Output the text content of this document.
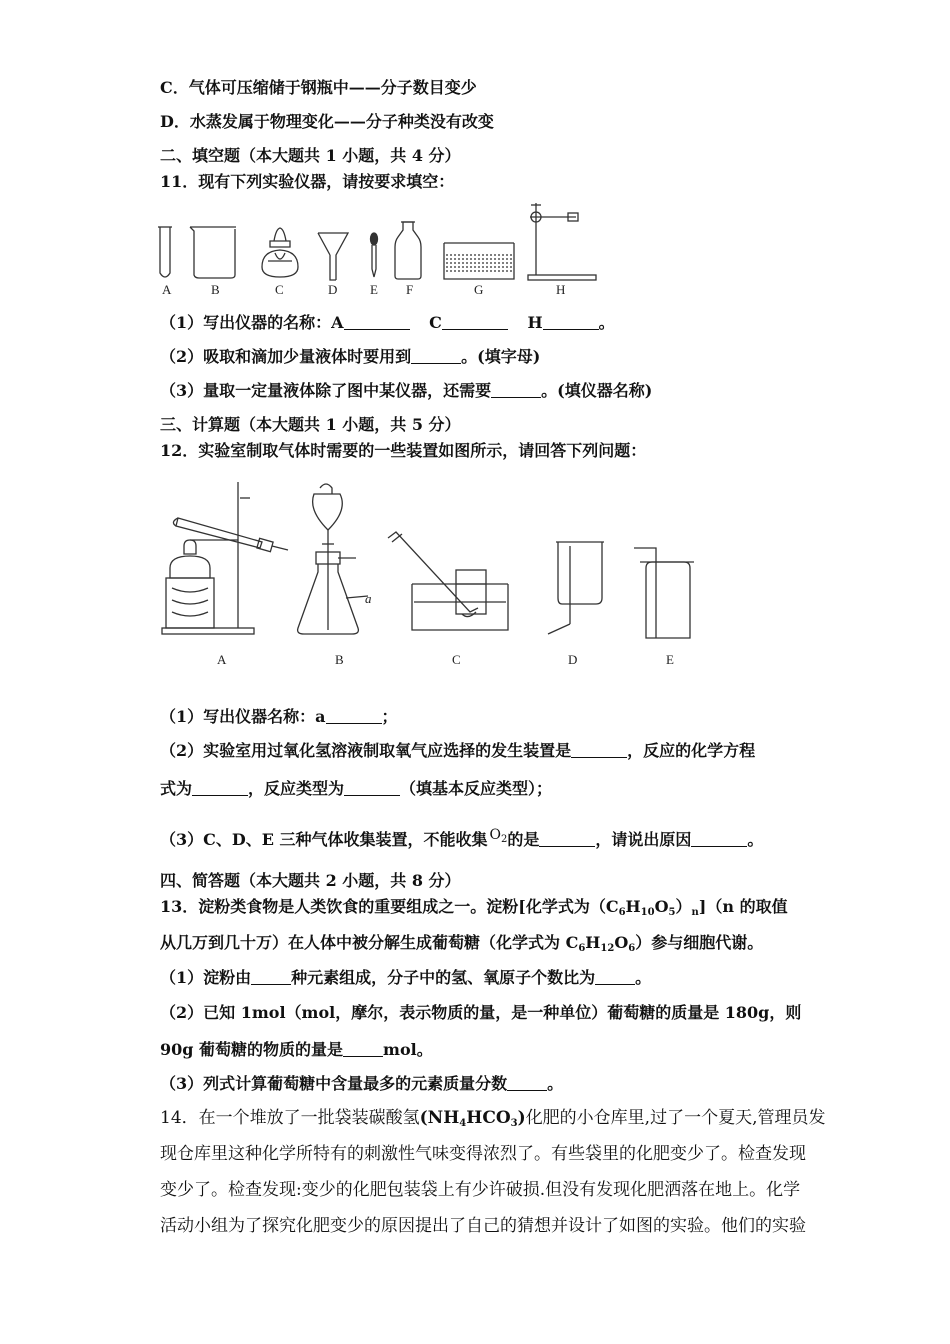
C．气体可压缩储于钢瓶中——分子数目变少
D．水蒸发属于物理变化——分子种类没有改变
二、填空题（本大题共 1 小题，共 4 分）
11．现有下列实验仪器，请按要求填空：
A	B	C	D	E F	G	H
（1）写出仪器的名称：A	C	H	。
（2）吸取和滴加少量液体时要用到	。(填字母)
（3）量取一定量液体除了图中某仪器，还需要	。(填仪器名称)
三、计算题（本大题共 1 小题，共 5 分）
12．实验室制取气体时需要的一些装置如图所示，请回答下列问题：
a
A	B	C	D	E
（1）写出仪器名称：a	；
（2）实验室用过氧化氢溶液制取氧气应选择的发生装置是	，反应的化学方程
式为	，反应类型为	（填基本反应类型）；
（3）C、D、E 三种气体收集装置，不能收集 $O_2$的是	，请说出原因	。
四、简答题（本大题共 2 小题，共 8 分）
13．淀粉类食物是人类饮食的重要组成之一。淀粉[化学式为$(C_6H_{10}O_5)_n](n$ 的取值
从几万到几十万）在人体中被分解生成葡萄糖（化学式为 $C_6H_{12}O_6$）参与细胞代谢。
（1）淀粉由	种元素组成，分子中的氢、氧原子个数比为	。
（2）已知 1mol（mol，摩尔，表示物质的量，是一种单位）葡萄糖的质量是 180g，则
90g 葡萄糖的物质的量是	mol。
（3）列式计算葡萄糖中含量最多的元素质量分数	。
14．在一个堆放了一批袋装碳酸氢$(NH_4HCO_3)$化肥的小仓库里,过了一个夏天,管理员发
现仓库里这种化学所特有的刺激性气味变得浓烈了。有些袋里的化肥变少了。检查发现
变少了。检查发现:变少的化肥包装袋上有少许破损.但没有发现化肥洒落在地上。化学
活动小组为了探究化肥变少的原因提出了自己的猜想并设计了如图的实验。他们的实验
